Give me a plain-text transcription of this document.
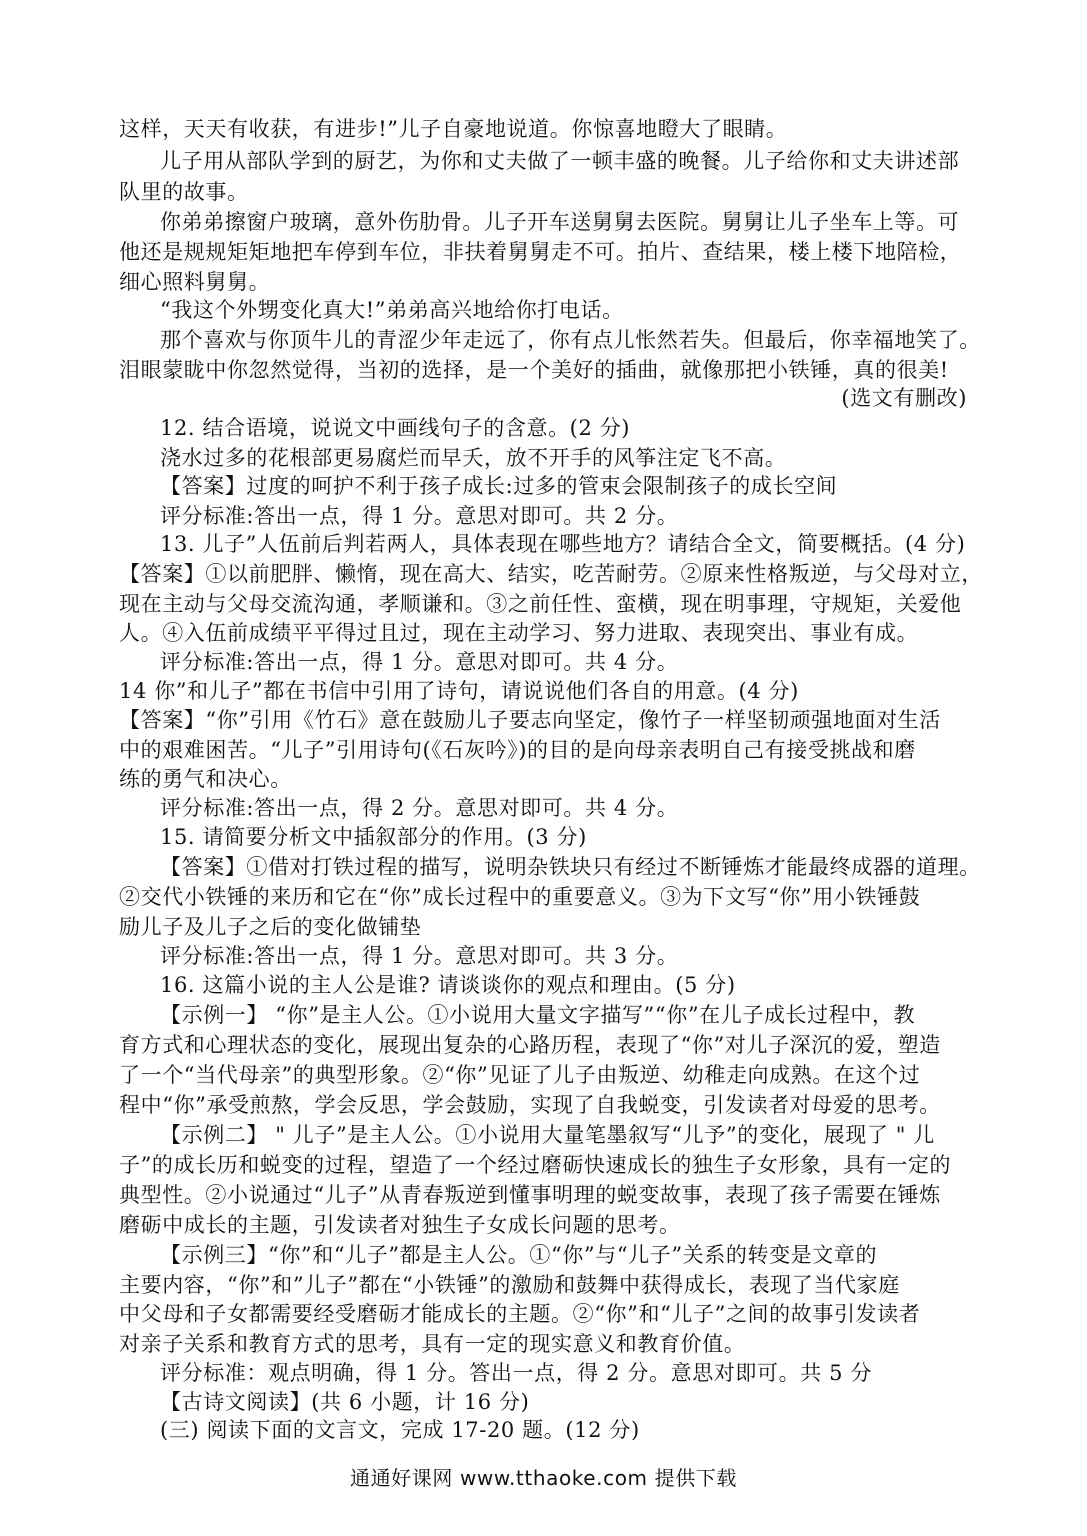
这样，天天有收获，有进步!”儿子自豪地说道。你惊喜地瞪大了眼睛。
儿子用从部队学到的厨艺，为你和丈夫做了一顿丰盛的晚餐。儿子给你和丈夫讲述部
队里的故事。
你弟弟擦窗户玻璃，意外伤肋骨。儿子开车送舅舅去医院。舅舅让儿子坐车上等。可
他还是规规矩矩地把车停到车位，非扶着舅舅走不可。拍片、查结果，楼上楼下地陪检，
细心照料舅舅。
“我这个外甥变化真大!”弟弟高兴地给你打电话。
那个喜欢与你顶牛儿的青涩少年走远了，你有点儿怅然若失。但最后，你幸福地笑了。
泪眼蒙眬中你忽然觉得，当初的选择，是一个美好的插曲，就像那把小铁锤，真的很美!
(选文有删改)
12. 结合语境，说说文中画线句子的含意。(2 分)
浇水过多的花根部更易腐烂而早夭，放不开手的风筝注定飞不高。
【答案】过度的呵护不利于孩子成长:过多的管束会限制孩子的成长空间
评分标准:答出一点，得 1 分。意思对即可。共 2 分。
13. 儿子”人伍前后判若两人，具体表现在哪些地方？请结合全文，简要概括。(4 分)
【答案】①以前肥胖、懒惰，现在高大、结实，吃苦耐劳。②原来性格叛逆，与父母对立，
现在主动与父母交流沟通，孝顺谦和。③之前任性、蛮横，现在明事理，守规矩，关爱他
人。④入伍前成绩平平得过且过，现在主动学习、努力进取、表现突出、事业有成。
评分标准:答出一点，得 1 分。意思对即可。共 4 分。
14 你”和儿子”都在书信中引用了诗句，请说说他们各自的用意。(4 分)
【答案】“你”引用《竹石》意在鼓励儿子要志向坚定，像竹子一样坚韧顽强地面对生活
中的艰难困苦。“儿子”引用诗句(《石灰吟》)的目的是向母亲表明自己有接受挑战和磨
练的勇气和决心。
评分标准:答出一点，得 2 分。意思对即可。共 4 分。
15. 请简要分析文中插叙部分的作用。(3 分)
【答案】①借对打铁过程的描写，说明杂铁块只有经过不断锤炼才能最终成器的道理。
②交代小铁锤的来历和它在“你”成长过程中的重要意义。③为下文写“你”用小铁锤鼓
励儿子及儿子之后的变化做铺垫
评分标准:答出一点，得 1 分。意思对即可。共 3 分。
16. 这篇小说的主人公是谁? 请谈谈你的观点和理由。(5 分)
【示例一】 “你”是主人公。①小说用大量文字描写”“你”在儿子成长过程中，教
育方式和心理状态的变化，展现出复杂的心路历程，表现了“你”对儿子深沉的爱，塑造
了一个“当代母亲”的典型形象。②“你”见证了儿子由叛逆、幼稚走向成熟。在这个过
程中“你”承受煎熬，学会反思，学会鼓励，实现了自我蜕变，引发读者对母爱的思考。
【示例二】 " 儿子”是主人公。①小说用大量笔墨叙写“儿予”的变化，展现了 " 儿
子”的成长历和蜕变的过程，望造了一个经过磨砺快速成长的独生子女形象，具有一定的
典型性。②小说通过“儿子”从青春叛逆到懂事明理的蜕变故事，表现了孩子需要在锤炼
磨砺中成长的主题，引发读者对独生子女成长问题的思考。
【示例三】“你”和“儿子”都是主人公。①“你”与“儿子”关系的转变是文章的
主要内容，“你”和”儿子”都在“小铁锤”的激励和鼓舞中获得成长，表现了当代家庭
中父母和子女都需要经受磨砺才能成长的主题。②“你”和“儿子”之间的故事引发读者
对亲子关系和教育方式的思考，具有一定的现实意义和教育价值。
评分标准：观点明确，得 1 分。答出一点，得 2 分。意思对即可。共 5 分
【古诗文阅读】(共 6 小题，计 16 分)
(三) 阅读下面的文言文，完成 17-20 题。(12 分)
通通好课网 www.tthaoke.com 提供下载
